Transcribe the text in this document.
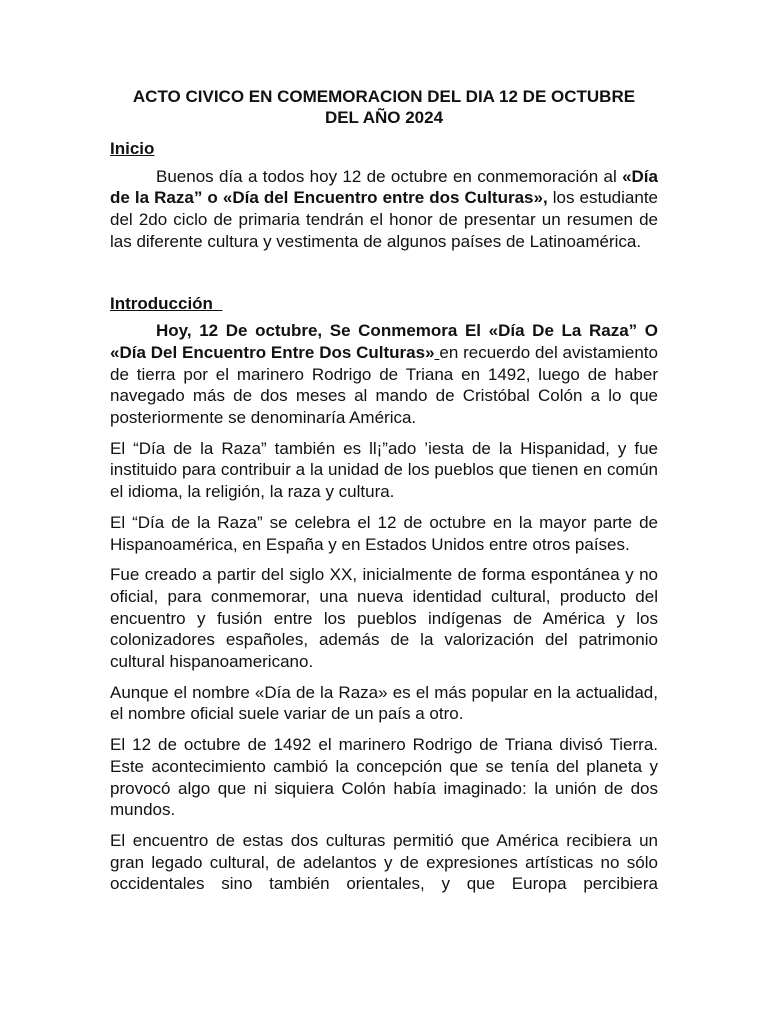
ACTO CIVICO EN COMEMORACION DEL DIA 12 DE OCTUBRE
DEL AÑO 2024
Inicio

Buenos día a todos hoy 12 de octubre en conmemoración al «Día de la Raza” o «Día del Encuentro entre dos Culturas», los estudiante del 2do ciclo de primaria tendrán el honor de presentar un resumen de las diferente cultura y vestimenta de algunos países de Latinoamérica.

Introducción

Hoy, 12 De octubre, Se Conmemora El «Día De La Raza” O «Día Del Encuentro Entre Dos Culturas» en recuerdo del avistamiento de tierra por el marinero Rodrigo de Triana en 1492, luego de haber navegado más de dos meses al mando de Cristóbal Colón a lo que posteriormente se denominaría América.

El “Día de la Raza” también es ll¡”ado ’iesta de la Hispanidad, y fue instituido para contribuir a la unidad de los pueblos que tienen en común el idioma, la religión, la raza y cultura.

El “Día de la Raza” se celebra el 12 de octubre en la mayor parte de Hispanoamérica, en España y en Estados Unidos entre otros países.

Fue creado a partir del siglo XX, inicialmente de forma espontánea y no oficial, para conmemorar, una nueva identidad cultural, producto del encuentro y fusión entre los pueblos indígenas de América y los colonizadores españoles, además de la valorización del patrimonio cultural hispanoamericano.

Aunque el nombre «Día de la Raza» es el más popular en la actualidad, el nombre oficial suele variar de un país a otro.

El 12 de octubre de 1492 el marinero Rodrigo de Triana divisó Tierra. Este acontecimiento cambió la concepción que se tenía del planeta y provocó algo que ni siquiera Colón había imaginado: la unión de dos mundos.

El encuentro de estas dos culturas permitió que América recibiera un gran legado cultural, de adelantos y de expresiones artísticas no sólo occidentales sino también orientales, y que Europa percibiera
